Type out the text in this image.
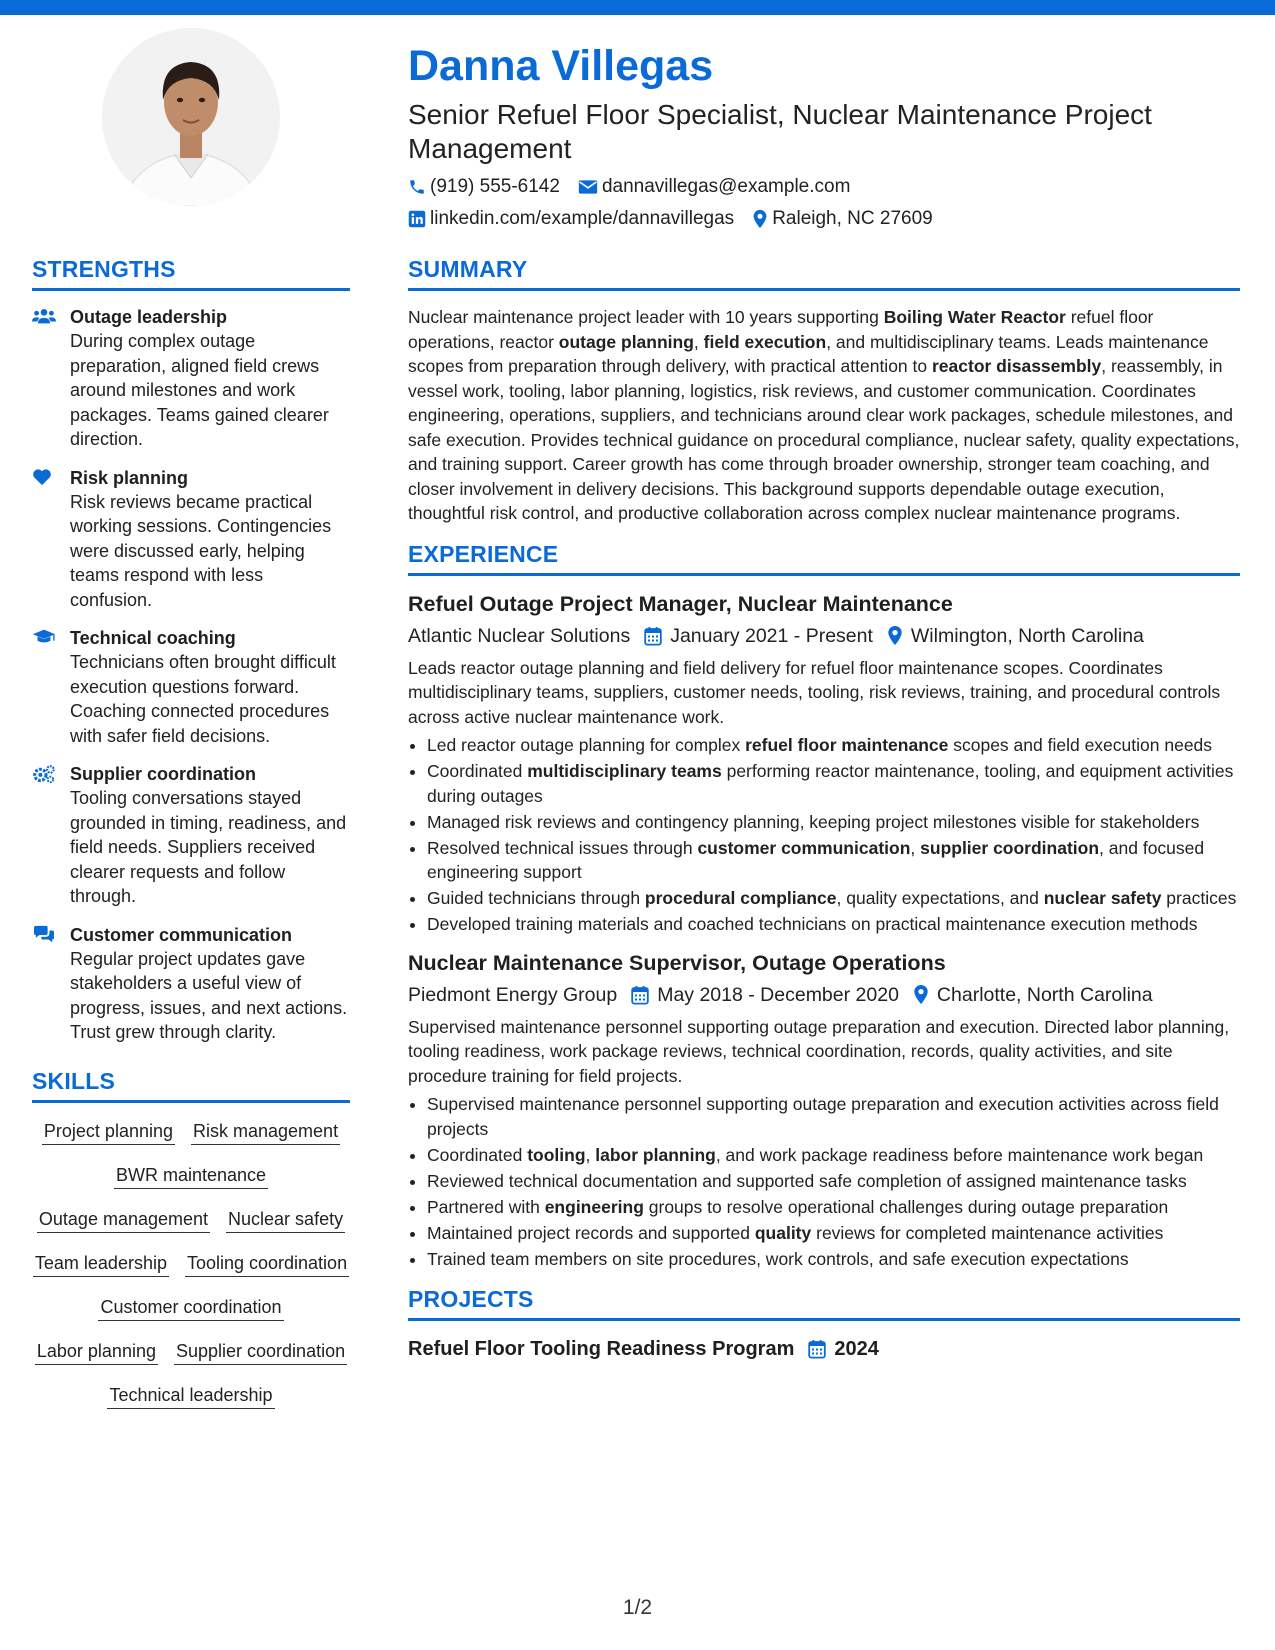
Danna Villegas
Senior Refuel Floor Specialist, Nuclear Maintenance Project Management
(919) 555-6142 dannavillegas@example.com
linkedin.com/example/dannavillegas Raleigh, NC 27609
STRENGTHS
Outage leadership
During complex outage preparation, aligned field crews around milestones and work packages. Teams gained clearer direction.
Risk planning
Risk reviews became practical working sessions. Contingencies were discussed early, helping teams respond with less confusion.
Technical coaching
Technicians often brought difficult execution questions forward. Coaching connected procedures with safer field decisions.
Supplier coordination
Tooling conversations stayed grounded in timing, readiness, and field needs. Suppliers received clearer requests and follow through.
Customer communication
Regular project updates gave stakeholders a useful view of progress, issues, and next actions. Trust grew through clarity.
SKILLS
Project planning Risk management
BWR maintenance
Outage management Nuclear safety
Team leadership Tooling coordination
Customer coordination
Labor planning Supplier coordination
Technical leadership
SUMMARY

Nuclear maintenance project leader with 10 years supporting Boiling Water Reactor refuel floor operations, reactor outage planning, field execution, and multidisciplinary teams. Leads maintenance scopes from preparation through delivery, with practical attention to reactor disassembly, reassembly, in vessel work, tooling, labor planning, logistics, risk reviews, and customer communication. Coordinates engineering, operations, suppliers, and technicians around clear work packages, schedule milestones, and safe execution. Provides technical guidance on procedural compliance, nuclear safety, quality expectations, and training support. Career growth has come through broader ownership, stronger team coaching, and closer involvement in delivery decisions. This background supports dependable outage execution, thoughtful risk control, and productive collaboration across complex nuclear maintenance programs.

EXPERIENCE
Refuel Outage Project Manager, Nuclear Maintenance
Atlantic Nuclear Solutions January 2021 - Present Wilmington, North Carolina

Leads reactor outage planning and field delivery for refuel floor maintenance scopes. Coordinates multidisciplinary teams, suppliers, customer needs, tooling, risk reviews, training, and procedural controls across active nuclear maintenance work.

• Led reactor outage planning for complex refuel floor maintenance scopes and field execution needs
• Coordinated multidisciplinary teams performing reactor maintenance, tooling, and equipment activities during outages
• Managed risk reviews and contingency planning, keeping project milestones visible for stakeholders
• Resolved technical issues through customer communication, supplier coordination, and focused engineering support
• Guided technicians through procedural compliance, quality expectations, and nuclear safety practices
• Developed training materials and coached technicians on practical maintenance execution methods
Nuclear Maintenance Supervisor, Outage Operations
Piedmont Energy Group May 2018 - December 2020 Charlotte, North Carolina

Supervised maintenance personnel supporting outage preparation and execution. Directed labor planning, tooling readiness, work package reviews, technical coordination, records, quality activities, and site procedure training for field projects.

• Supervised maintenance personnel supporting outage preparation and execution activities across field projects
• Coordinated tooling, labor planning, and work package readiness before maintenance work began
• Reviewed technical documentation and supported safe completion of assigned maintenance tasks
• Partnered with engineering groups to resolve operational challenges during outage preparation
• Maintained project records and supported quality reviews for completed maintenance activities
• Trained team members on site procedures, work controls, and safe execution expectations
PROJECTS
Refuel Floor Tooling Readiness Program 2024
1/2
